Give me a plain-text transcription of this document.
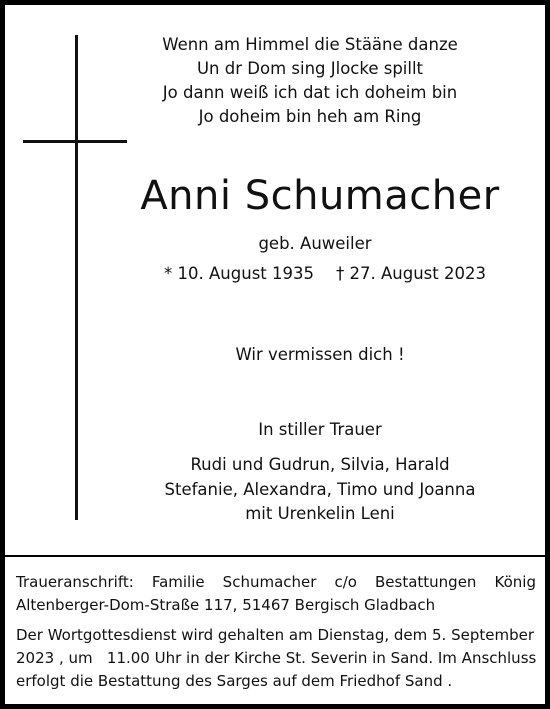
Wenn am Himmel die Stääne danze
Un dr Dom sing Jlocke spillt
Jo dann weiß ich dat ich doheim bin
Jo doheim bin heh am Ring
Anni Schumacher
geb. Auweiler
* 10. August 1935 † 27. August 2023
Wir vermissen dich !
In stiller Trauer
Rudi und Gudrun, Silvia, Harald
Stefanie, Alexandra, Timo und Joanna
mit Urenkelin Leni
Traueranschrift: Familie Schumacher c/o Bestattungen König
Altenberger-Dom-Straße 117, 51467 Bergisch Gladbach
Der Wortgottesdienst wird gehalten am Dienstag, dem 5. September
2023 , um   11.00 Uhr in der Kirche St. Severin in Sand. Im Anschluss
erfolgt die Bestattung des Sarges auf dem Friedhof Sand .
